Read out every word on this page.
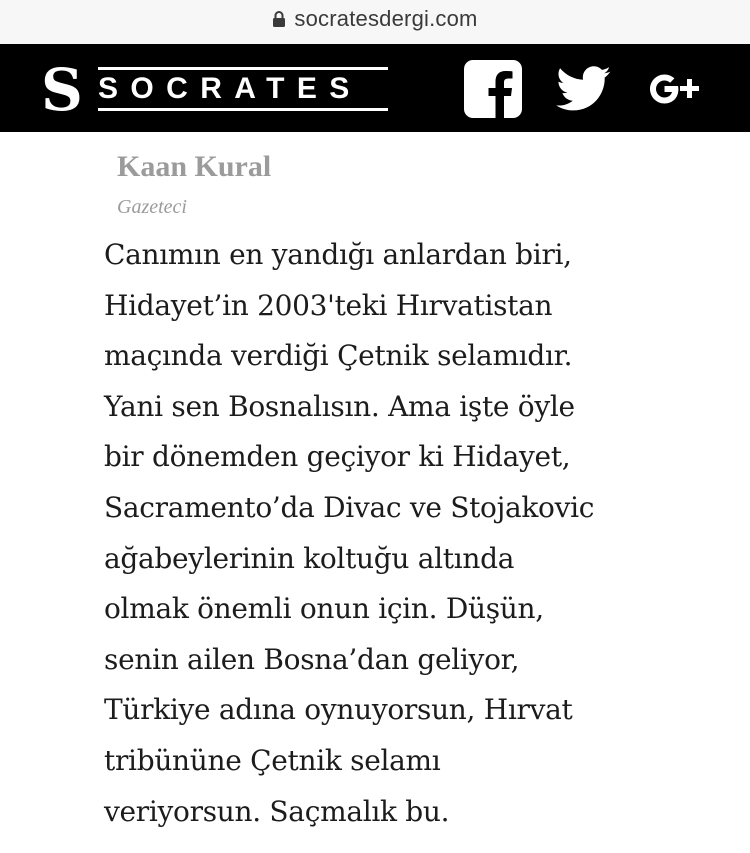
socratesdergi.com
S SOCRATES
Kaan Kural
Gazeteci
Canımın en yandığı anlardan biri,
Hidayet’in 2003'teki Hırvatistan
maçında verdiği Çetnik selamıdır.
Yani sen Bosnalısın. Ama işte öyle
bir dönemden geçiyor ki Hidayet,
Sacramento’da Divac ve Stojakovic
ağabeylerinin koltuğu altında
olmak önemli onun için. Düşün,
senin ailen Bosna’dan geliyor,
Türkiye adına oynuyorsun, Hırvat
tribününe Çetnik selamı
veriyorsun. Saçmalık bu.
